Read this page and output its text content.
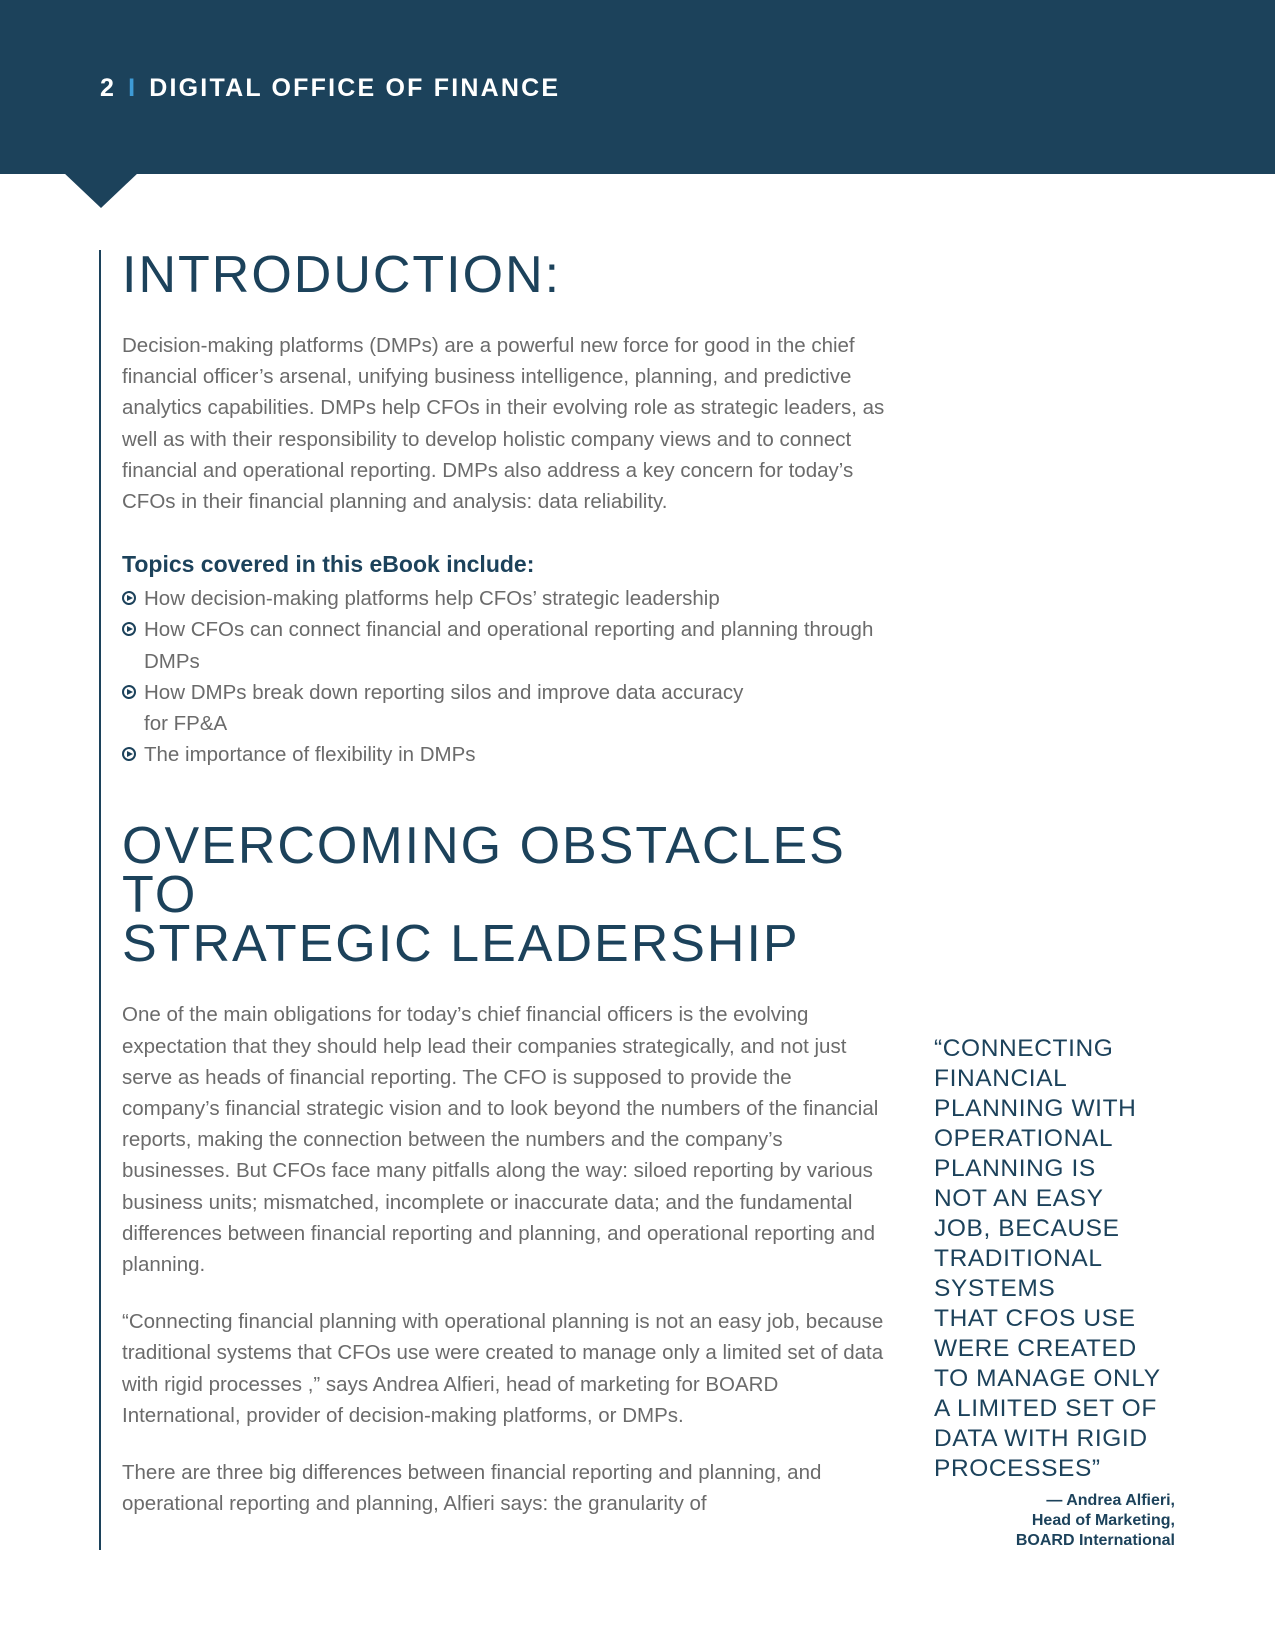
2 I DIGITAL OFFICE OF FINANCE
INTRODUCTION:

Decision-making platforms (DMPs) are a powerful new force for good in the chief financial officer’s arsenal, unifying business intelligence, planning, and predictive analytics capabilities. DMPs help CFOs in their evolving role as strategic leaders, as well as with their responsibility to develop holistic company views and to connect financial and operational reporting. DMPs also address a key concern for today’s CFOs in their financial planning and analysis: data reliability.

Topics covered in this eBook include:
How decision-making platforms help CFOs’ strategic leadership
How CFOs can connect financial and operational reporting and planning through DMPs
How DMPs break down reporting silos and improve data accuracy for FP&A
The importance of flexibility in DMPs
OVERCOMING OBSTACLES TO
STRATEGIC LEADERSHIP

One of the main obligations for today’s chief financial officers is the evolving expectation that they should help lead their companies strategically, and not just serve as heads of financial reporting. The CFO is supposed to provide the company’s financial strategic vision and to look beyond the numbers of the financial reports, making the connection between the numbers and the company’s businesses. But CFOs face many pitfalls along the way: siloed reporting by various business units; mismatched, incomplete or inaccurate data; and the fundamental differences between financial reporting and planning, and operational reporting and planning.

“Connecting financial planning with operational planning is not an easy job, because traditional systems that CFOs use were created to manage only a limited set of data with rigid processes ,” says Andrea Alfieri, head of marketing for BOARD International, provider of decision-making platforms, or DMPs.

There are three big differences between financial reporting and planning, and operational reporting and planning, Alfieri says: the granularity of

“CONNECTING
FINANCIAL
PLANNING WITH
OPERATIONAL
PLANNING IS
NOT AN EASY
JOB, BECAUSE
TRADITIONAL
SYSTEMS
THAT CFOS USE
WERE CREATED
TO MANAGE ONLY
A LIMITED SET OF
DATA WITH RIGID
PROCESSES”
— Andrea Alfieri,
Head of Marketing,
BOARD International
